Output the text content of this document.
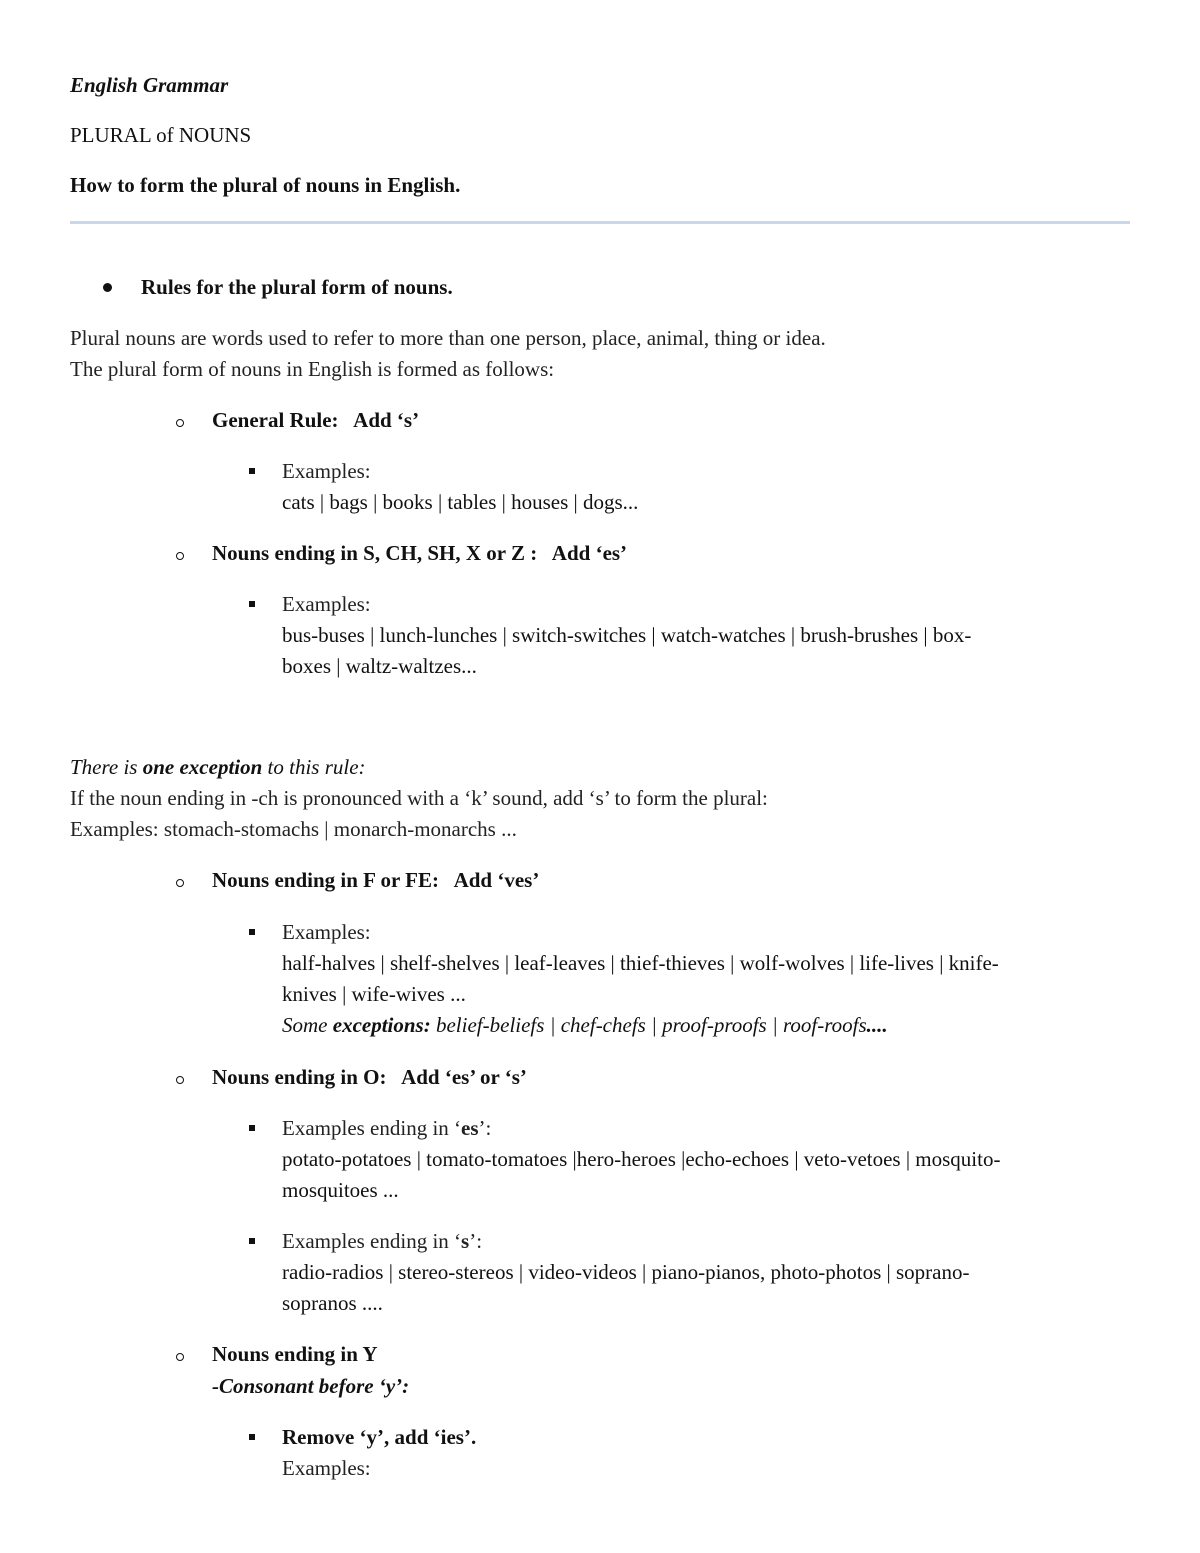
English Grammar
PLURAL of NOUNS
How to form the plural of nouns in English.
Rules for the plural form of nouns.
Plural nouns are words used to refer to more than one person, place, animal, thing or idea.
The plural form of nouns in English is formed as follows:
General Rule: Add ‘s’
Examples:
cats | bags | books | tables | houses | dogs...
Nouns ending in S, CH, SH, X or Z : Add ‘es’
Examples:
bus-buses | lunch-lunches | switch-switches | watch-watches | brush-brushes | box-
boxes | waltz-waltzes...
There is one exception to this rule:
If the noun ending in -ch is pronounced with a ‘k’ sound, add ‘s’ to form the plural:
Examples: stomach-stomachs | monarch-monarchs ...
Nouns ending in F or FE: Add ‘ves’
Examples:
half-halves | shelf-shelves | leaf-leaves | thief-thieves | wolf-wolves | life-lives | knife-
knives | wife-wives ...
Some exceptions: belief-beliefs | chef-chefs | proof-proofs | roof-roofs....
Nouns ending in O: Add ‘es’ or ‘s’
Examples ending in ‘es’:
potato-potatoes | tomato-tomatoes |hero-heroes |echo-echoes | veto-vetoes | mosquito-
mosquitoes ...
Examples ending in ‘s’:
radio-radios | stereo-stereos | video-videos | piano-pianos, photo-photos | soprano-
sopranos ....
Nouns ending in Y
-Consonant before ‘y’:
Remove ‘y’, add ‘ies’.
Examples:
